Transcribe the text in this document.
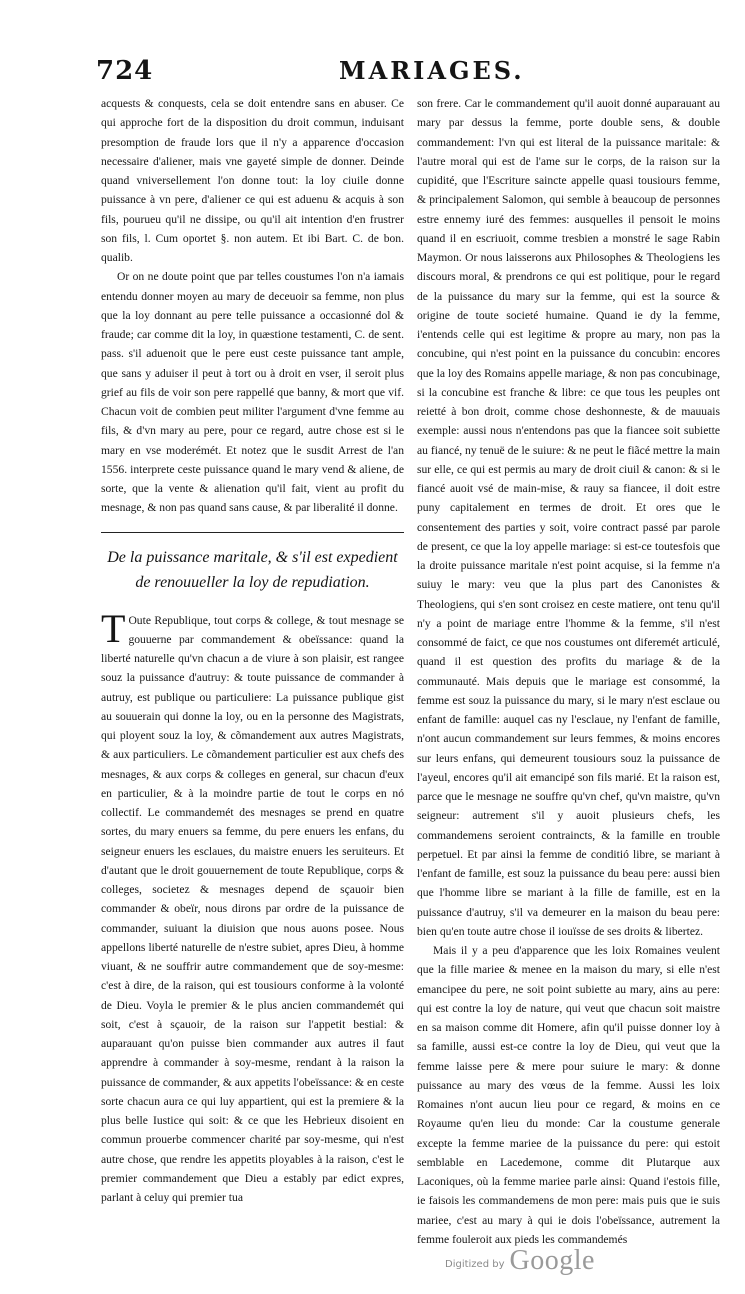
724	MARIAGES.

acquests & conquests, cela se doit entendre sans en abuser. Ce qui approche fort de la disposition du droit commun, induisant presomption de fraude lors que il n'y a apparence d'occasion necessaire d'aliener, mais vne gayeté simple de donner. Deinde quand vniversellement l'on donne tout: la loy ciuile donne puissance à vn pere, d'aliener ce qui est aduenu & acquis à son fils, pourueu qu'il ne dissipe, ou qu'il ait intention d'en frustrer son fils, l. Cum oportet §. non autem. Et ibi Bart. C. de bon. qualib.

Or on ne doute point que par telles coustumes l'on n'a iamais entendu donner moyen au mary de deceuoir sa femme, non plus que la loy donnant au pere telle puissance a occasionné dol & fraude; car comme dit la loy, in quæstione testamenti, C. de sent. pass. s'il aduenoit que le pere eust ceste puissance tant ample, que sans y aduiser il peut à tort ou à droit en vser, il seroit plus grief au fils de voir son pere rappellé que banny, & mort que vif. Chacun voit de combien peut militer l'argument d'vne femme au fils, & d'vn mary au pere, pour ce regard, autre chose est si le mary en vse moderémét. Et notez que le susdit Arrest de l'an 1556. interprete ceste puissance quand le mary vend & aliene, de sorte, que la vente & alienation qu'il fait, vient au profit du mesnage, & non pas quand sans cause, & par liberalité il donne.

De la puissance maritale, & s'il est expedient de renouueller la loy de repudiation.

T Oute Republique, tout corps & college, & tout mesnage se gouuerne par commandement & obeïssance: quand la liberté naturelle qu'vn chacun a de viure à son plaisir, est rangee souz la puissance d'autruy: & toute puissance de commander à autruy, est publique ou particuliere: La puissance publique gist au souuerain qui donne la loy, ou en la personne des Magistrats, qui ployent souz la loy, & cõmandement aux autres Magistrats, & aux particuliers. Le cõmandement particulier est aux chefs des mesnages, & aux corps & colleges en general, sur chacun d'eux en particulier, & à la moindre partie de tout le corps en nó collectif. Le commandemét des mesnages se prend en quatre sortes, du mary enuers sa femme, du pere enuers les enfans, du seigneur enuers les esclaues, du maistre enuers les seruiteurs. Et d'autant que le droit gouuernement de toute Republique, corps & colleges, societez & mesnages depend de sçauoir bien commander & obeïr, nous dirons par ordre de la puissance de commander, suiuant la diuision que nous auons posee. Nous appellons liberté naturelle de n'estre subiet, apres Dieu, à homme viuant, & ne souffrir autre commandement que de soy-mesme: c'est à dire, de la raison, qui est tousiours conforme à la volonté de Dieu. Voyla le premier & le plus ancien commandemét qui soit, c'est à sçauoir, de la raison sur l'appetit bestial: & auparauant qu'on puisse bien commander aux autres il faut apprendre à commander à soy-mesme, rendant à la raison la puissance de commander, & aux appetits l'obeïssance: & en ceste sorte chacun aura ce qui luy appartient, qui est la premiere & la plus belle Iustice qui soit: & ce que les Hebrieux disoient en commun prouerbe commencer charité par soy-mesme, qui n'est autre chose, que rendre les appetits ployables à la raison, c'est le premier commandement que Dieu a estably par edict expres, parlant à celuy qui premier tua

son frere. Car le commandement qu'il auoit donné auparauant au mary par dessus la femme, porte double sens, & double commandement: l'vn qui est literal de la puissance maritale: & l'autre moral qui est de l'ame sur le corps, de la raison sur la cupidité, que l'Escriture saincte appelle quasi tousiours femme, & principalement Salomon, qui semble à beaucoup de personnes estre ennemy iuré des femmes: ausquelles il pensoit le moins quand il en escriuoit, comme tresbien a monstré le sage Rabin Maymon. Or nous laisserons aux Philosophes & Theologiens les discours moral, & prendrons ce qui est politique, pour le regard de la puissance du mary sur la femme, qui est la source & origine de toute societé humaine. Quand ie dy la femme, i'entends celle qui est legitime & propre au mary, non pas la concubine, qui n'est point en la puissance du concubin: encores que la loy des Romains appelle mariage, & non pas concubinage, si la concubine est franche & libre: ce que tous les peuples ont reietté à bon droit, comme chose deshonneste, & de mauuais exemple: aussi nous n'entendons pas que la fiancee soit subiette au fiancé, ny tenuë de le suiure: & ne peut le fiãcé mettre la main sur elle, ce qui est permis au mary de droit ciuil & canon: & si le fiancé auoit vsé de main-mise, & rauy sa fiancee, il doit estre puny capitalement en termes de droit. Et ores que le consentement des parties y soit, voire contract passé par parole de present, ce que la loy appelle mariage: si est-ce toutesfois que la droite puissance maritale n'est point acquise, si la femme n'a suiuy le mary: veu que la plus part des Canonistes & Theologiens, qui s'en sont croisez en ceste matiere, ont tenu qu'il n'y a point de mariage entre l'homme & la femme, s'il n'est consommé de faict, ce que nos coustumes ont diferemét articulé, quand il est question des profits du mariage & de la communauté. Mais depuis que le mariage est consommé, la femme est souz la puissance du mary, si le mary n'est esclaue ou enfant de famille: auquel cas ny l'esclaue, ny l'enfant de famille, n'ont aucun commandement sur leurs femmes, & moins encores sur leurs enfans, qui demeurent tousiours souz la puissance de l'ayeul, encores qu'il ait emancipé son fils marié. Et la raison est, parce que le mesnage ne souffre qu'vn chef, qu'vn maistre, qu'vn seigneur: autrement s'il y auoit plusieurs chefs, les commandemens seroient contraincts, & la famille en trouble perpetuel. Et par ainsi la femme de conditió libre, se mariant à l'enfant de famille, est souz la puissance du beau pere: aussi bien que l'homme libre se mariant à la fille de famille, est en la puissance d'autruy, s'il va demeurer en la maison du beau pere: bien qu'en toute autre chose il iouïsse de ses droits & libertez.

Mais il y a peu d'apparence que les loix Romaines veulent que la fille mariee & menee en la maison du mary, si elle n'est emancipee du pere, ne soit point subiette au mary, ains au pere: qui est contre la loy de nature, qui veut que chacun soit maistre en sa maison comme dit Homere, afin qu'il puisse donner loy à sa famille, aussi est-ce contre la loy de Dieu, qui veut que la femme laisse pere & mere pour suiure le mary: & donne puissance au mary des vœus de la femme. Aussi les loix Romaines n'ont aucun lieu pour ce regard, & moins en ce Royaume qu'en lieu du monde: Car la coustume generale excepte la femme mariee de la puissance du pere: qui estoit semblable en Lacedemone, comme dit Plutarque aux Laconiques, où la femme mariee parle ainsi: Quand i'estois fille, ie faisois les commandemens de mon pere: mais puis que ie suis mariee, c'est au mary à qui ie dois l'obeïssance, autrement la femme fouleroit aux pieds les commandemés

Digitized by Google
